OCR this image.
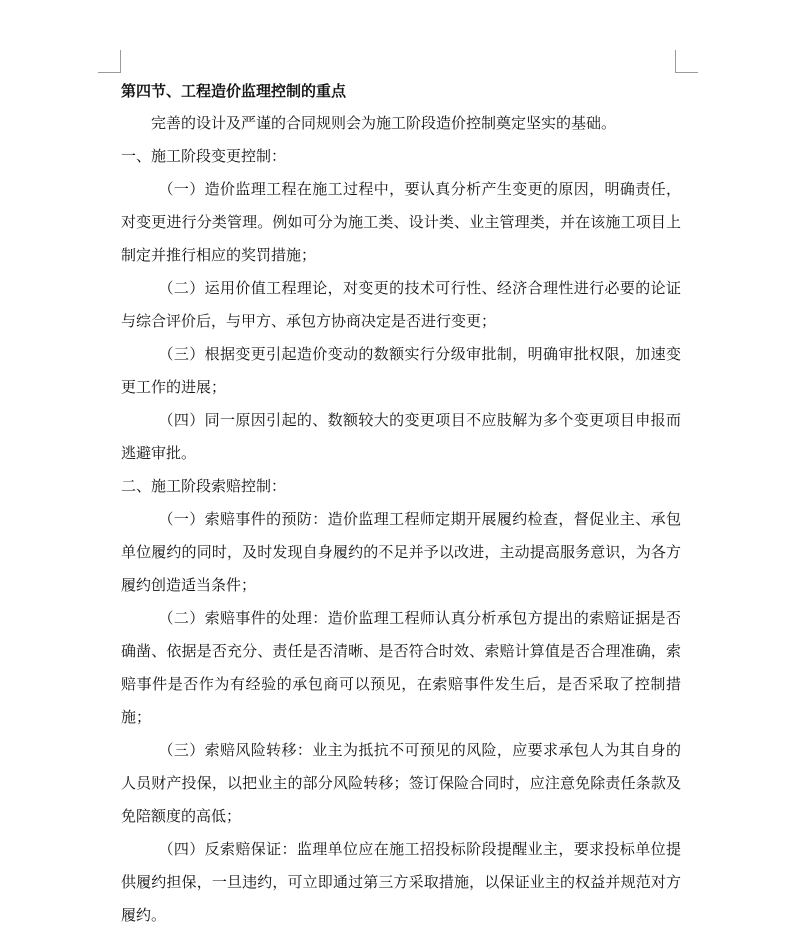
第四节、工程造价监理控制的重点

完善的设计及严谨的合同规则会为施工阶段造价控制奠定坚实的基础。

一、施工阶段变更控制：

（一）造价监理工程在施工过程中，要认真分析产生变更的原因，明确责任，对变更进行分类管理。例如可分为施工类、设计类、业主管理类，并在该施工项目上制定并推行相应的奖罚措施；

（二）运用价值工程理论，对变更的技术可行性、经济合理性进行必要的论证与综合评价后，与甲方、承包方协商决定是否进行变更；

（三）根据变更引起造价变动的数额实行分级审批制，明确审批权限，加速变　更工作的进展；

（四）同一原因引起的、数额较大的变更项目不应肢解为多个变更项目申报而逃避审批。

二、施工阶段索赔控制：

（一）索赔事件的预防：造价监理工程师定期开展履约检查，督促业主、承包单位履约的同时，及时发现自身履约的不足并予以改进，主动提高服务意识，为各方履约创造适当条件；

（二）索赔事件的处理：造价监理工程师认真分析承包方提出的索赔证据是否确凿、依据是否充分、责任是否清晰、是否符合时效、索赔计算值是否合理准确，索赔事件是否作为有经验的承包商可以预见，在索赔事件发生后，是否采取了控制措施；

（三）索赔风险转移：业主为抵抗不可预见的风险，应要求承包人为其自身的人员财产投保，以把业主的部分风险转移；签订保险合同时，应注意免除责任条款及免陪额度的高低；

（四）反索赔保证：监理单位应在施工招投标阶段提醒业主，要求投标单位提供履约担保，一旦违约，可立即通过第三方采取措施，以保证业主的权益并规范对方履约。
